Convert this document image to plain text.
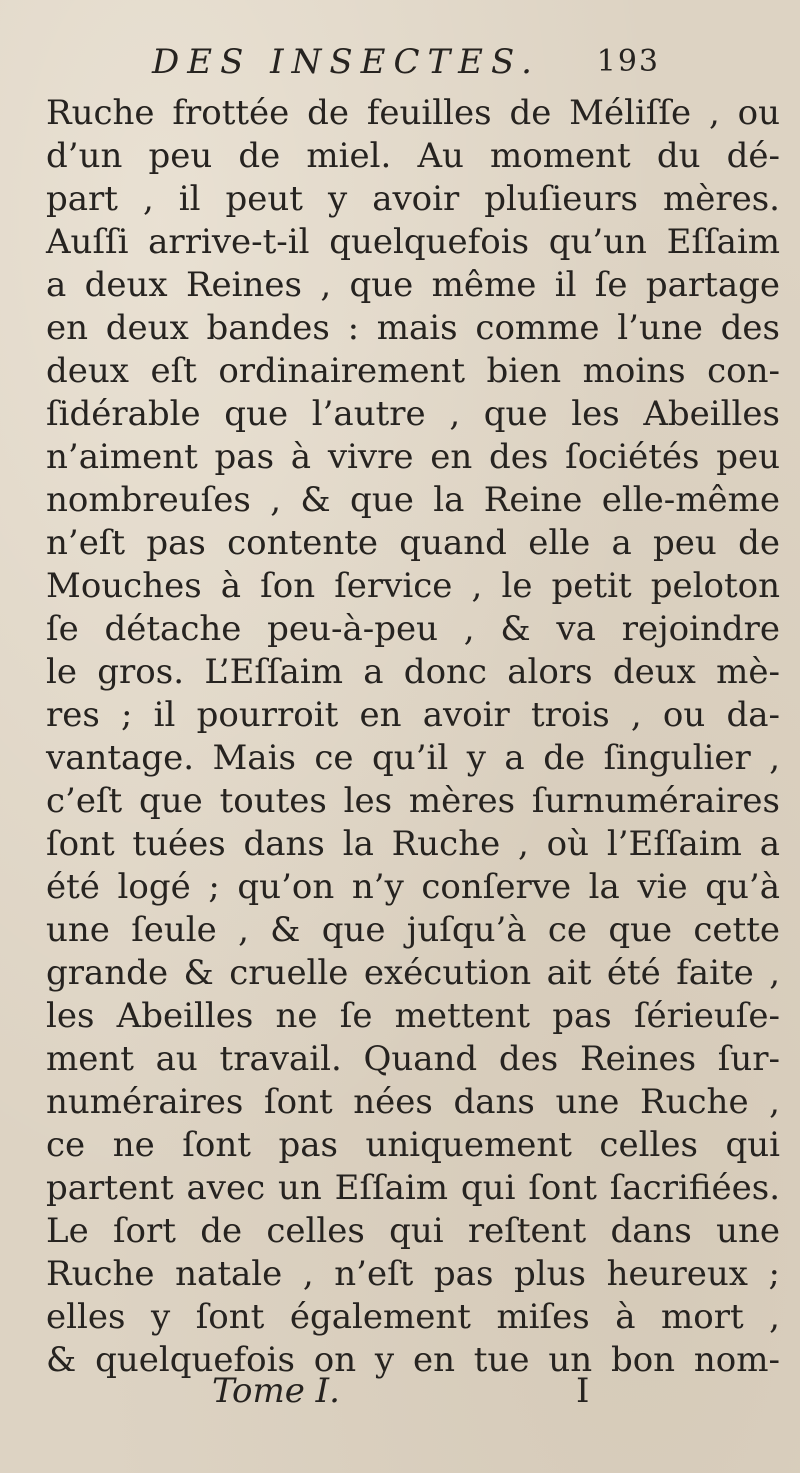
DES INSECTES. 193
Ruche frottée de feuilles de Méliſſe , ou
d’un peu de miel. Au moment du dé-
part , il peut y avoir pluſieurs mères.
Auſſi arrive-t-il quelquefois qu’un Eſſaim
a deux Reines , que même il ſe partage
en deux bandes : mais comme l’une des
deux eſt ordinairement bien moins con-
ſidérable que l’autre , que les Abeilles
n’aiment pas à vivre en des ſociétés peu
nombreuſes , & que la Reine elle-même
n’eſt pas contente quand elle a peu de
Mouches à ſon ſervice , le petit peloton
ſe détache peu-à-peu , & va rejoindre
le gros. L’Eſſaim a donc alors deux mè-
res ; il pourroit en avoir trois , ou da-
vantage. Mais ce qu’il y a de ſingulier ,
c’eſt que toutes les mères ſurnuméraires
ſont tuées dans la Ruche , où l’Eſſaim a
été logé ; qu’on n’y conſerve la vie qu’à
une ſeule , & que juſqu’à ce que cette
grande & cruelle exécution ait été faite ,
les Abeilles ne ſe mettent pas ſérieuſe-
ment au travail. Quand des Reines ſur-
numéraires ſont nées dans une Ruche ,
ce ne ſont pas uniquement celles qui
partent avec un Eſſaim qui ſont ſacrifiées.
Le ſort de celles qui reſtent dans une
Ruche natale , n’eſt pas plus heureux ;
elles y ſont également miſes à mort ,
& quelquefois on y en tue un bon nom-
Tome I.	I
